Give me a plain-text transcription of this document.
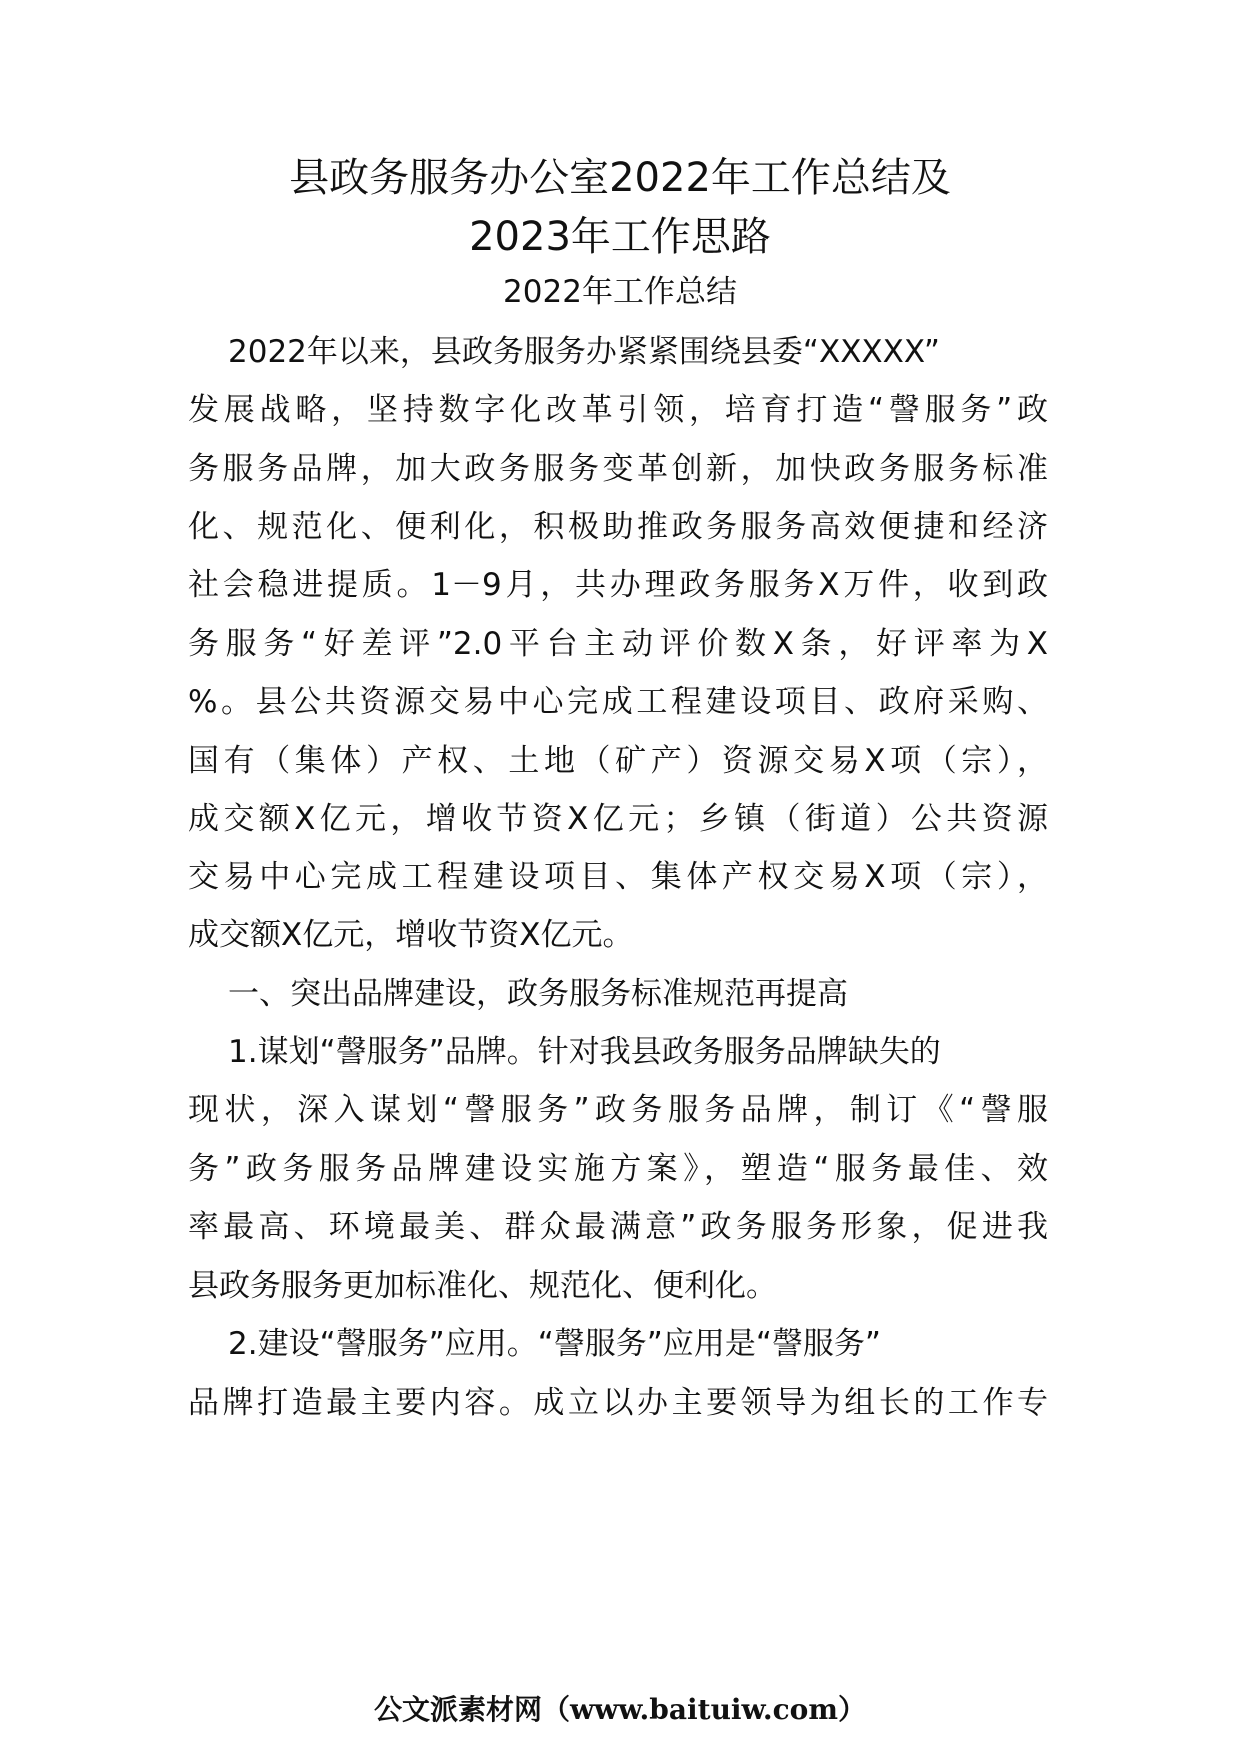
县政务服务办公室2022年工作总结及
2023年工作思路
2022年工作总结
2022年以来，县政务服务办紧紧围绕县委“XXXXX”
发展战略，坚持数字化改革引领，培育打造“謦服务”政
务服务品牌，加大政务服务变革创新，加快政务服务标准
化、规范化、便利化，积极助推政务服务高效便捷和经济
社会稳进提质。1－9月，共办理政务服务X万件，收到政
务服务“好差评”2.0平台主动评价数X条，好评率为X
%。县公共资源交易中心完成工程建设项目、政府采购、
国有（集体）产权、土地（矿产）资源交易X项（宗），
成交额X亿元，增收节资X亿元；乡镇（街道）公共资源
交易中心完成工程建设项目、集体产权交易X项（宗），
成交额X亿元，增收节资X亿元。
一、突出品牌建设，政务服务标准规范再提高
1.谋划“謦服务”品牌。针对我县政务服务品牌缺失的
现状，深入谋划“謦服务”政务服务品牌，制订《“謦服
务”政务服务品牌建设实施方案》，塑造“服务最佳、效
率最高、环境最美、群众最满意”政务服务形象，促进我
县政务服务更加标准化、规范化、便利化。
2.建设“謦服务”应用。“謦服务”应用是“謦服务”
品牌打造最主要内容。成立以办主要领导为组长的工作专
公文派素材网（www.baituiw.com）
